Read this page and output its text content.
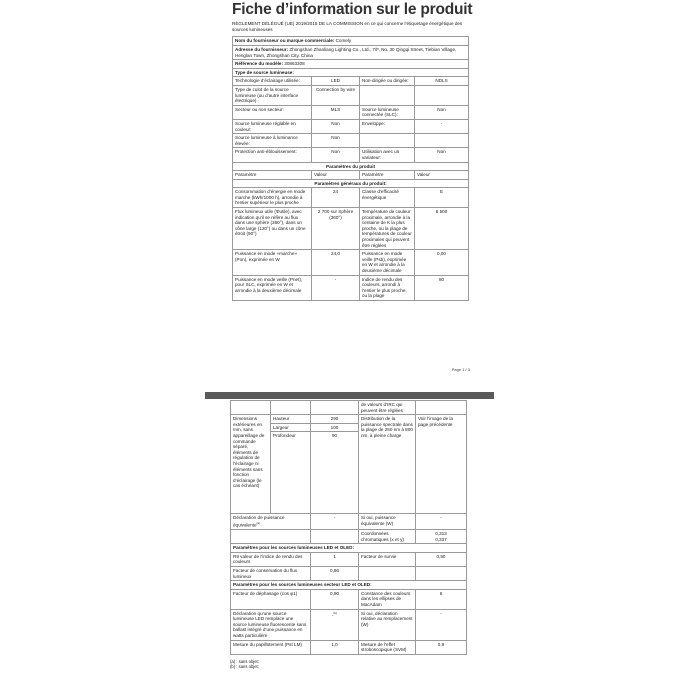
Fiche d’information sur le produit
RÈGLEMENT DÉLÉGUÉ (UE) 2019/2015 DE LA COMMISSION en ce qui concerne l’étiquetage énergétique des sources lumineuses
Nom du fournisseur ou marque commerciale: Comely			
Adresse du fournisseur: Zhongshan Zhaoliang Lighting Co., Ltd., 7/F, No. 30 Qingqi Street, Tiebian Village, Henglan Town, Zhongshan City, China			
Référence du modèle: 30863308			
Type de source lumineuse:			
Technologie d’éclairage utilisée:	LED	Non-dirigée ou dirigée:	NDLS
Type de culot de la source lumineuse (ou d’autre interface électrique)	Connection by wire		
Secteur ou non secteur:	MLS	Source lumineuse connectée (SLC):	Non
Source lumineuse réglable en couleur:	Non	Enveloppe:	-
Source lumineuse à luminance élevée:	Non		
Protection anti-éblouissement:	Non	Utilisation avec un variateur:	Non
Paramètres du produit			
Paramètre	Valeur	Paramètre	Valeur
Paramètres généraux du produit:			
Consommation d’énergie en mode marche (kWh/1000 h), arrondie à l’entier supérieur le plus proche	24	Classe d’efficacité énergétique	E
Flux lumineux utile (Φutile), avec indication qu’il se réfère au flux dans une sphère (360°), dans un cône large (120°) ou dans un cône étroit (90°)	2 700 sur Sphère (360°)	Température de couleur proximale, arrondie à la centaine de K la plus proche, ou la plage de températures de couleur proximales qui peuvent être réglées	6 500
Puissance en mode «marche» (Pon), exprimée en W	24,0	Puissance en mode veille (Psb), exprimée en W et arrondie à la deuxième décimale	0,00
Puissance en mode veille (Pnet), pour SLC, exprimée en W et arrondie à la deuxième décimale	-	Indice de rendu des couleurs, arrondi à l’entier le plus proche, ou la plage	80
Page 1 / 3
			de valeurs d’IRC qui peuvent être réglées	
Dimensions extérieures en mm, sans appareillage de commande séparé, éléments de régulation de l’éclairage ni éléments sans fonction d’éclairage (le cas échéant)	Hauteur	290	Distribution de la puissance spectrale dans la plage de 250 nm à 800 nm, à pleine charge	Voir l’image de la page précédente
	Largeur	100		
	Profondeur	90		
Déclaration de puissance équivalente$^{(a)}$		-	Si oui, puissance équivalente (W)	-
			Coordonnées chromatiques (x et y)	0,313
0,337

Paramètres pour les sources lumineuses LED et OLED:				
R9 valeur de l’indice de rendu des couleurs		1	Facteur de survie	0,90
Facteur de conservation du flux lumineux		0,96		
Paramètres pour les sources lumineuses secteur LED et OLED:				
Facteur de déphasage (cos φ1)		0,90	Constance des couleurs dans les ellipses de MacAdam	6
Déclaration qu’une source lumineuse LED remplace une source lumineuse fluorescente sans ballast intégré d’une puissance en watts particulière		-$^{(b)}$	Si oui, déclaration relative au remplacement (W)	-
Mesure du papillotement (Pst LM)		1,0	Mesure de l’effet stroboscopique (SVM)	0,9
(a) : sans objet;
(b) : sans objet;
